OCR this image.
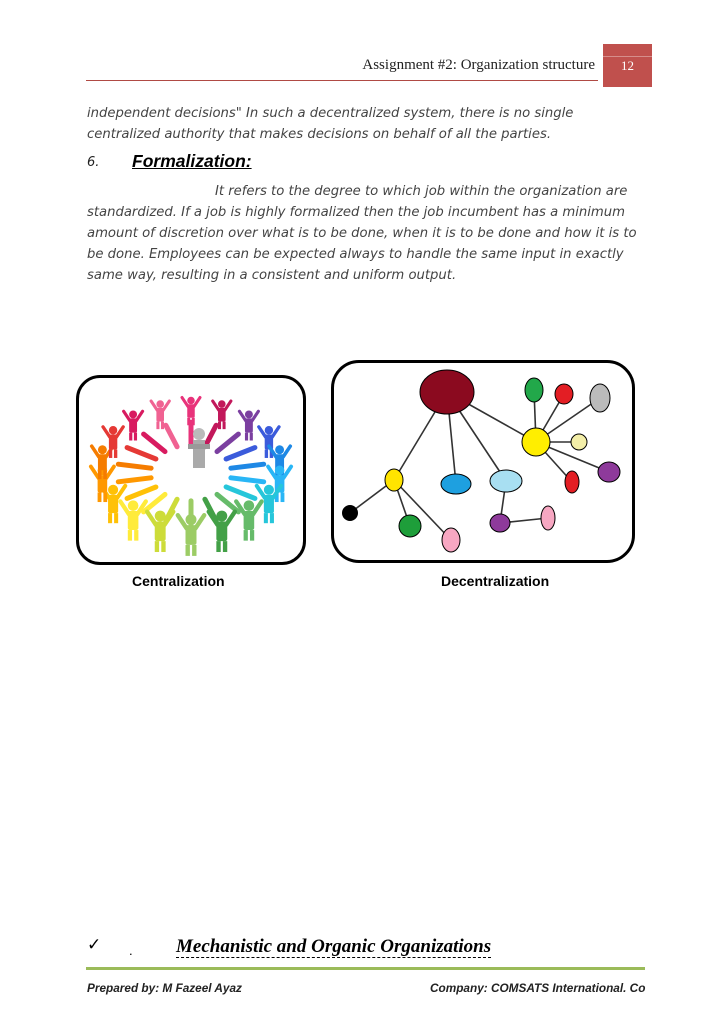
Assignment #2: Organization structure 12
independent decisions" In such a decentralized system, there is no single centralized authority that makes decisions on behalf of all the parties.
6. Formalization:
It refers to the degree to which job within the organization are standardized. If a job is highly formalized then the job incumbent has a minimum amount of discretion over what is to be done, when it is to be done and how it is to be done. Employees can be expected always to handle the same input in exactly same way, resulting in a consistent and uniform output.
Centralization	Decentralization
✓ . Mechanistic and Organic Organizations
Prepared by: M Fazeel Ayaz	Company: COMSATS International. Co
